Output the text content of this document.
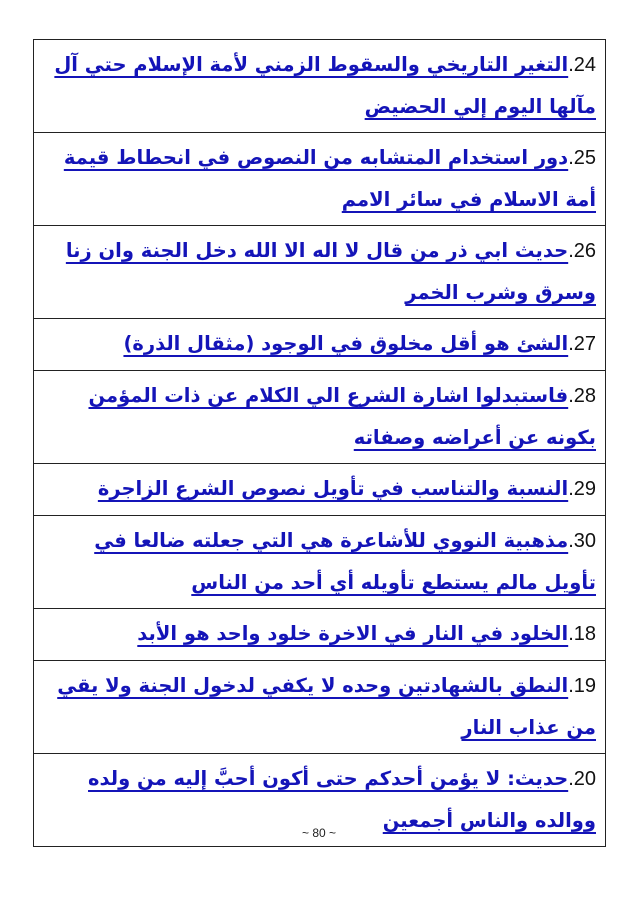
24.التغير التاريخي والسقوط الزمني لأمة الإسلام حتي آل مآلها اليوم إلي الحضيض
25.دور استخدام المتشابه من النصوص في انحطاط قيمة أمة الاسلام في سائر الامم
26.حديث ابي ذر من قال لا اله الا الله دخل الجنة وان زنا وسرق وشرب الخمر
27.الشئ هو أقل مخلوق في الوجود (مثقال الذرة)
28.فاستبدلوا اشارة الشرع الي الكلام عن ذات المؤمن بكونه عن أعراضه وصفاته
29.النسبة والتناسب في تأويل نصوص الشرع الزاجرة
30.مذهبية النووي للأشاعرة هي التي جعلته ضالعا في تأويل مالم يستطع تأويله أي أحد من الناس
18.الخلود في النار في الاخرة خلود واحد هو الأبد
19.النطق بالشهادتين وحده لا يكفي لدخول الجنة ولا يقي من عذاب النار
20.حديث: لا يؤمن أحدكم حتى أكون أحبَّ إليه من ولده ووالده والناس أجمعين
~ 80 ~
